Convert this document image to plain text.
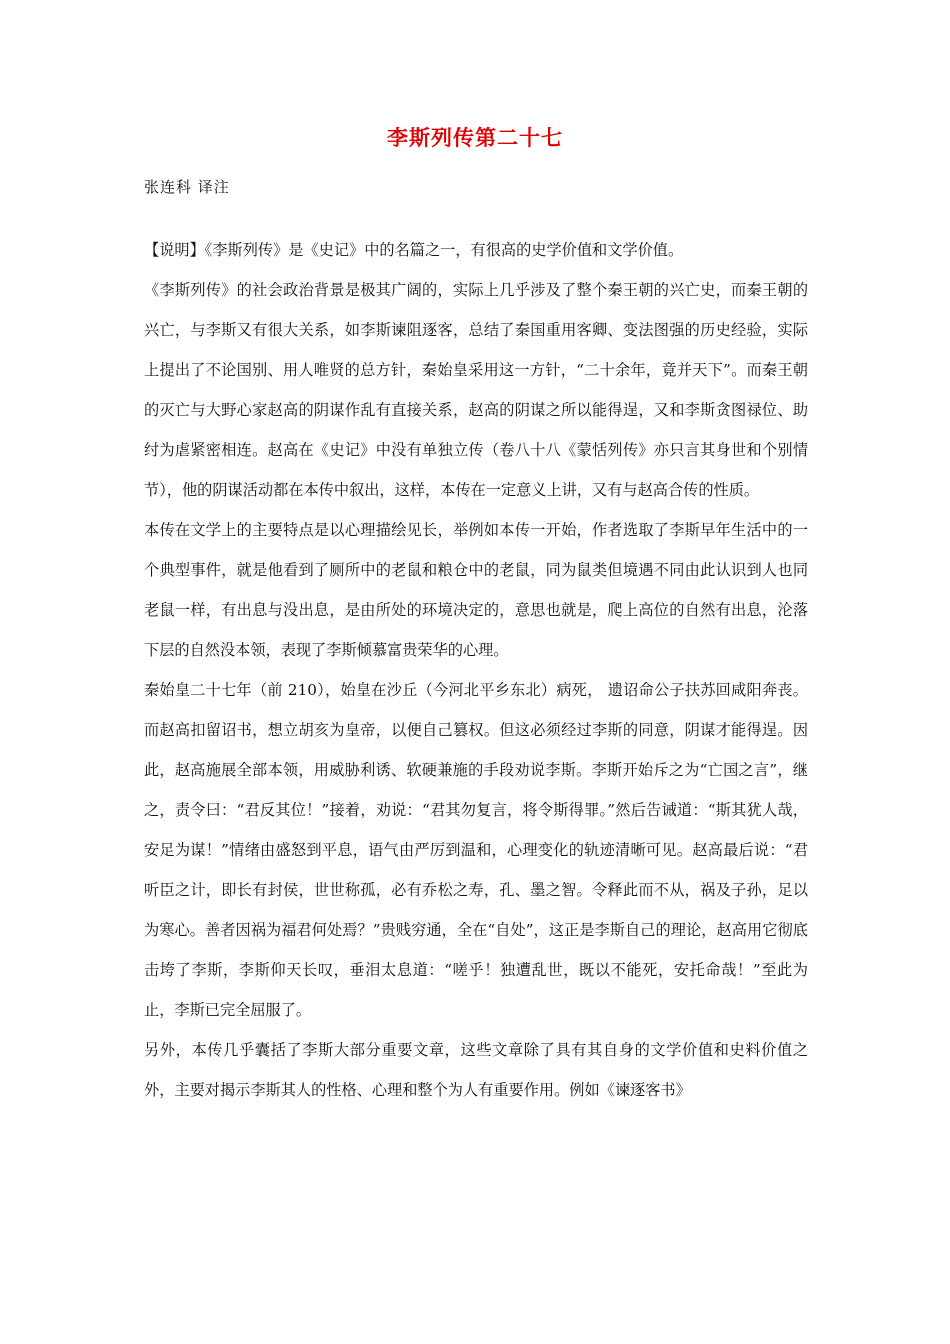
李斯列传第二十七
张连科 译注

【说明】《李斯列传》是《史记》中的名篇之一，有很高的史学价值和文学价值。

《李斯列传》的社会政治背景是极其广阔的，实际上几乎涉及了整个秦王朝的兴亡史，而秦王朝的兴亡，与李斯又有很大关系，如李斯谏阻逐客，总结了秦国重用客卿、变法图强的历史经验，实际上提出了不论国别、用人唯贤的总方针，秦始皇采用这一方针，“二十余年，竟并天下”。而秦王朝的灭亡与大野心家赵高的阴谋作乱有直接关系，赵高的阴谋之所以能得逞，又和李斯贪图禄位、助纣为虐紧密相连。赵高在《史记》中没有单独立传（卷八十八《蒙恬列传》亦只言其身世和个别情节），他的阴谋活动都在本传中叙出，这样，本传在一定意义上讲，又有与赵高合传的性质。

本传在文学上的主要特点是以心理描绘见长，举例如本传一开始，作者选取了李斯早年生活中的一个典型事件，就是他看到了厕所中的老鼠和粮仓中的老鼠，同为鼠类但境遇不同由此认识到人也同老鼠一样，有出息与没出息，是由所处的环境决定的，意思也就是，爬上高位的自然有出息，沦落下层的自然没本领，表现了李斯倾慕富贵荣华的心理。

秦始皇二十七年（前 210），始皇在沙丘（今河北平乡东北）病死， 遗诏命公子扶苏回咸阳奔丧。而赵高扣留诏书，想立胡亥为皇帝，以便自己篡权。但这必须经过李斯的同意，阴谋才能得逞。因此，赵高施展全部本领，用威胁利诱、软硬兼施的手段劝说李斯。李斯开始斥之为“亡国之言”，继之，责令曰：“君反其位！”接着，劝说：“君其勿复言，将令斯得罪。”然后告诫道：“斯其犹人哉，安足为谋！”情绪由盛怒到平息，语气由严厉到温和，心理变化的轨迹清晰可见。赵高最后说：“君听臣之计，即长有封侯，世世称孤，必有乔松之寿，孔、墨之智。令释此而不从，祸及子孙，足以为寒心。善者因祸为福君何处焉？”贵贱穷通，全在“自处”，这正是李斯自己的理论，赵高用它彻底击垮了李斯，李斯仰天长叹，垂泪太息道：“嗟乎！独遭乱世，既以不能死，安托命哉！”至此为止，李斯已完全屈服了。

另外，本传几乎囊括了李斯大部分重要文章，这些文章除了具有其自身的文学价值和史料价值之外，主要对揭示李斯其人的性格、心理和整个为人有重要作用。例如《谏逐客书》
